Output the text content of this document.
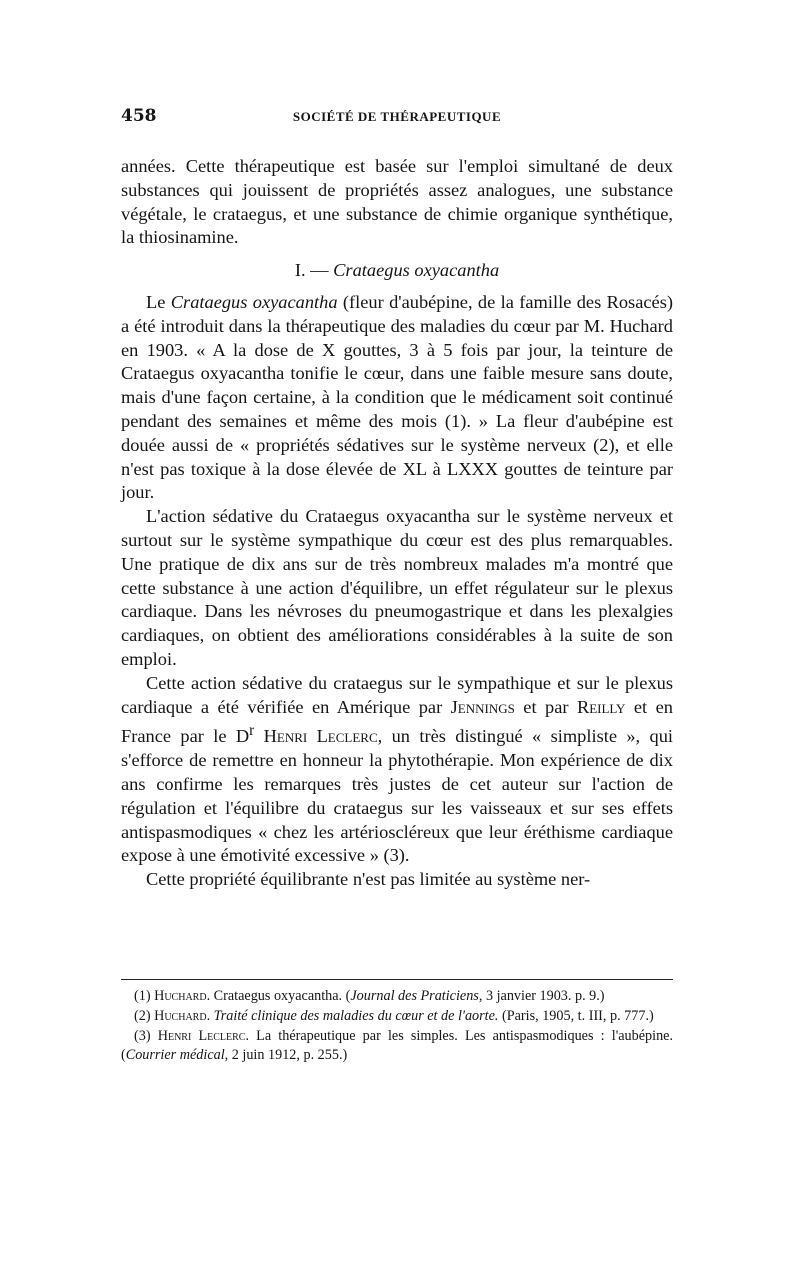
458	SOCIÉTÉ DE THÉRAPEUTIQUE

années. Cette thérapeutique est basée sur l'emploi simultané de deux substances qui jouissent de propriétés assez analogues, une substance végétale, le crataegus, et une substance de chimie organique synthétique, la thiosinamine.

I. — Crataegus oxyacantha

Le Crataegus oxyacantha (fleur d'aubépine, de la famille des Rosacés) a été introduit dans la thérapeutique des maladies du cœur par M. Huchard en 1903. « A la dose de X gouttes, 3 à 5 fois par jour, la teinture de Crataegus oxyacantha tonifie le cœur, dans une faible mesure sans doute, mais d'une façon certaine, à la condition que le médicament soit continué pendant des semaines et même des mois (1). » La fleur d'aubépine est douée aussi de « propriétés sédatives sur le système nerveux (2), et elle n'est pas toxique à la dose élevée de XL à LXXX gouttes de teinture par jour.

L'action sédative du Crataegus oxyacantha sur le système nerveux et surtout sur le système sympathique du cœur est des plus remarquables. Une pratique de dix ans sur de très nombreux malades m'a montré que cette substance à une action d'équilibre, un effet régulateur sur le plexus cardiaque. Dans les névroses du pneumogastrique et dans les plexalgies cardiaques, on obtient des améliorations considérables à la suite de son emploi.

Cette action sédative du crataegus sur le sympathique et sur le plexus cardiaque a été vérifiée en Amérique par Jennings et par Reilly et en France par le $D^r$ Henri Leclerc, un très distingué « simpliste », qui s'efforce de remettre en honneur la phytothérapie. Mon expérience de dix ans confirme les remarques très justes de cet auteur sur l'action de régulation et l'équilibre du crataegus sur les vaisseaux et sur ses effets antispasmodiques « chez les artérioscléreux que leur éréthisme cardiaque expose à une émotivité excessive » (3).

Cette propriété équilibrante n'est pas limitée au système ner-

(1) Huchard. Crataegus oxyacantha. (Journal des Praticiens, 3 janvier 1903. p. 9.)

(2) Huchard. Traité clinique des maladies du cœur et de l'aorte. (Paris, 1905, t. III, p. 777.)

(3) Henri Leclerc. La thérapeutique par les simples. Les antispasmodiques : l'aubépine. (Courrier médical, 2 juin 1912, p. 255.)
